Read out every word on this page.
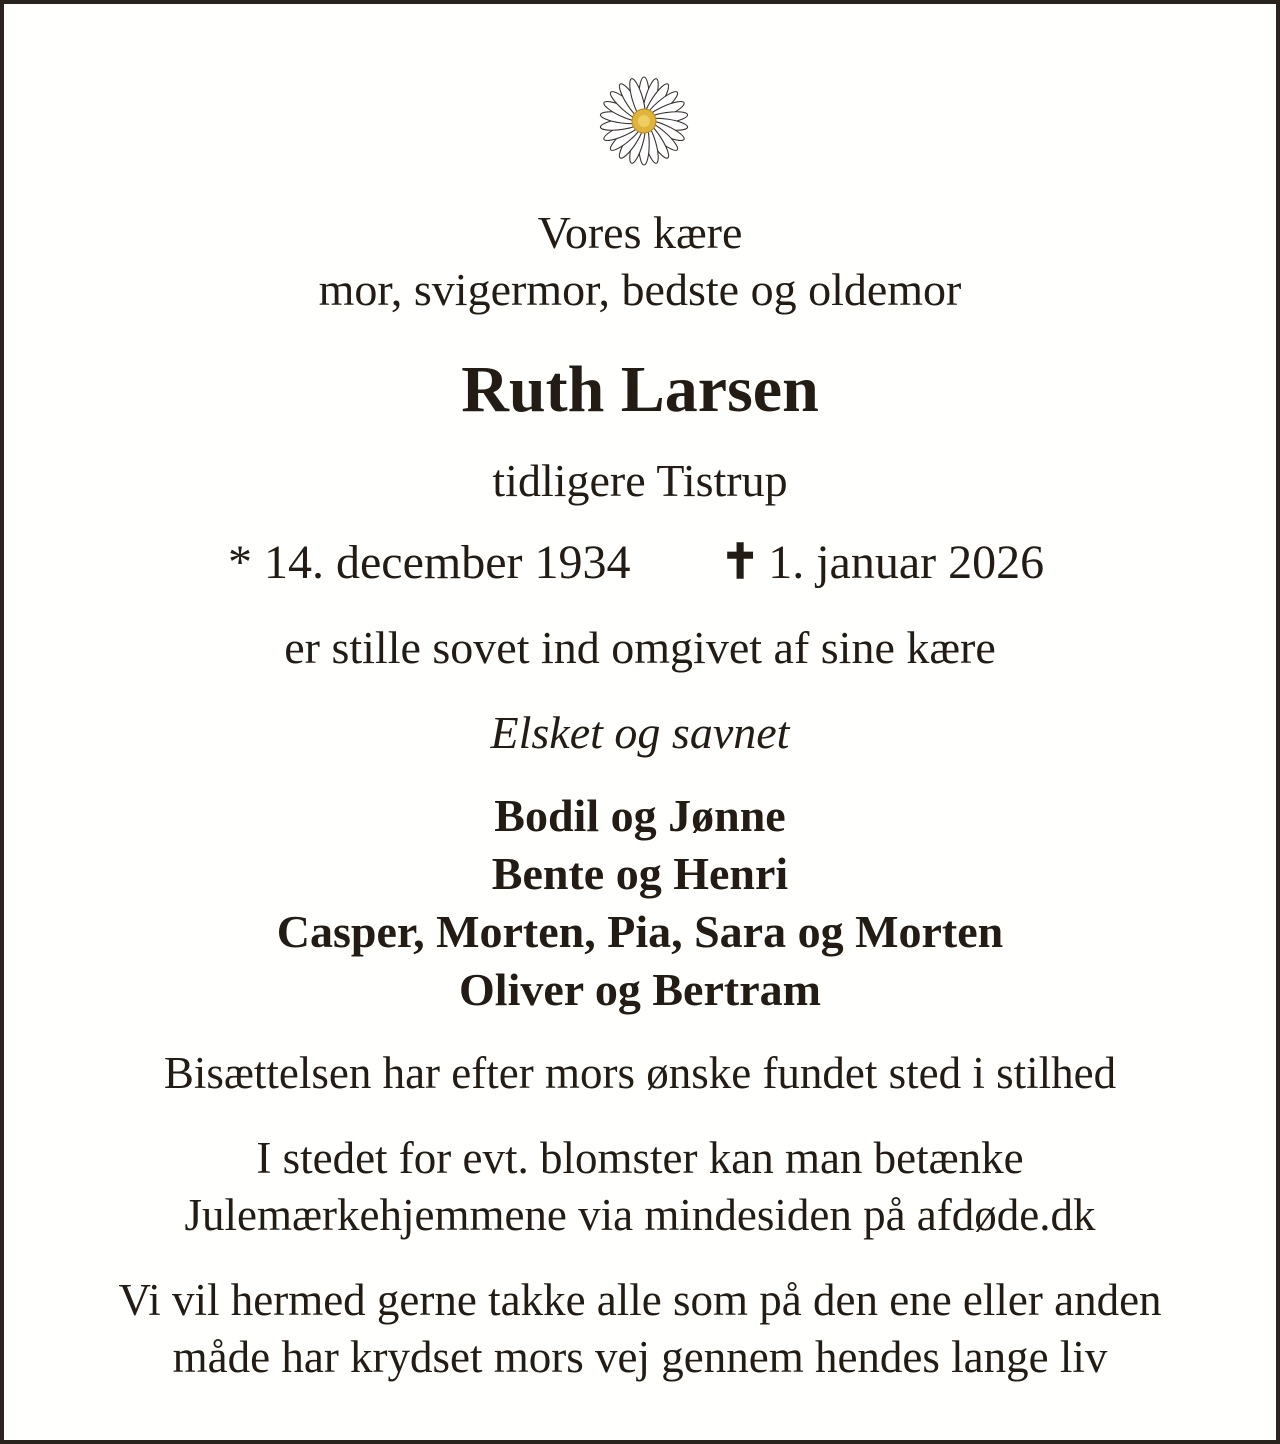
Vores kære

mor, svigermor, bedste og oldemor

Ruth Larsen

tidligere Tistrup

* 14. december 1934 ✝ 1. januar 2026

er stille sovet ind omgivet af sine kære

Elsket og savnet

Bodil og Jønne

Bente og Henri

Casper, Morten, Pia, Sara og Morten

Oliver og Bertram

Bisættelsen har efter mors ønske fundet sted i stilhed

I stedet for evt. blomster kan man betænke

Julemærkehjemmene via mindesiden på afdøde.dk

Vi vil hermed gerne takke alle som på den ene eller anden

måde har krydset mors vej gennem hendes lange liv
